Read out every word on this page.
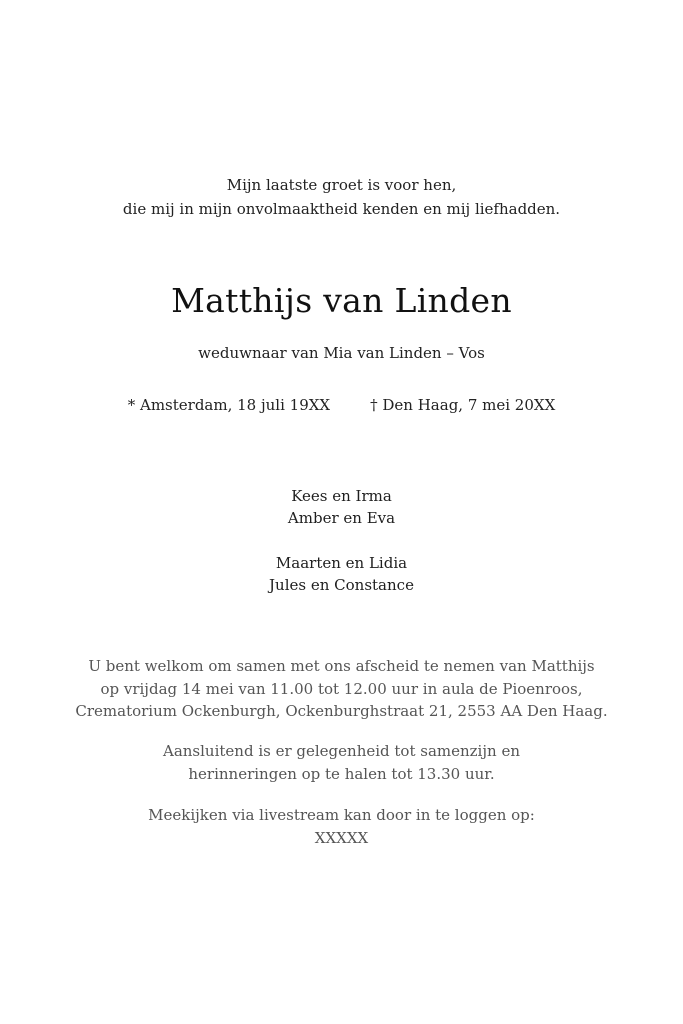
Mijn laatste groet is voor hen,
die mij in mijn onvolmaaktheid kenden en mij liefhadden.
Matthijs van Linden
weduwnaar van Mia van Linden – Vos
* Amsterdam, 18 juli 19XX	† Den Haag, 7 mei 20XX
Kees en Irma
Amber en Eva
Maarten en Lidia
Jules en Constance
U bent welkom om samen met ons afscheid te nemen van Matthijs
op vrijdag 14 mei van 11.00 tot 12.00 uur in aula de Pioenroos,
Crematorium Ockenburgh, Ockenburghstraat 21, 2553 AA Den Haag.
Aansluitend is er gelegenheid tot samenzijn en
herinneringen op te halen tot 13.30 uur.
Meekijken via livestream kan door in te loggen op:
XXXXX
